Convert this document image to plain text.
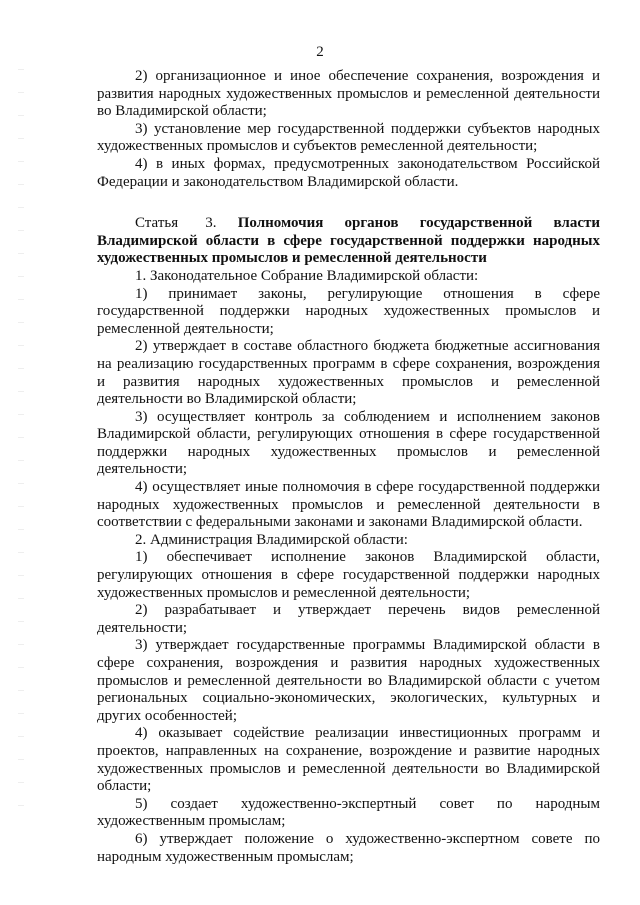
2

2) организационное и иное обеспечение сохранения, возрождения и развития народных художественных промыслов и ремесленной деятельности во Владимирской области;

3) установление мер государственной поддержки субъектов народных художественных промыслов и субъектов ремесленной деятельности;

4) в иных формах, предусмотренных законодательством Российской Федерации и законодательством Владимирской области.

Статья 3. Полномочия органов государственной власти Владимирской области в сфере государственной поддержки народных художественных промыслов и ремесленной деятельности

1. Законодательное Собрание Владимирской области:

1) принимает законы, регулирующие отношения в сфере государственной поддержки народных художественных промыслов и ремесленной деятельности;

2) утверждает в составе областного бюджета бюджетные ассигнования на реализацию государственных программ в сфере сохранения, возрождения и развития народных художественных промыслов и ремесленной деятельности во Владимирской области;

3) осуществляет контроль за соблюдением и исполнением законов Владимирской области, регулирующих отношения в сфере государственной поддержки народных художественных промыслов и ремесленной деятельности;

4) осуществляет иные полномочия в сфере государственной поддержки народных художественных промыслов и ремесленной деятельности в соответствии с федеральными законами и законами Владимирской области.

2. Администрация Владимирской области:

1) обеспечивает исполнение законов Владимирской области, регулирующих отношения в сфере государственной поддержки народных художественных промыслов и ремесленной деятельности;

2) разрабатывает и утверждает перечень видов ремесленной деятельности;

3) утверждает государственные программы Владимирской области в сфере сохранения, возрождения и развития народных художественных промыслов и ремесленной деятельности во Владимирской области с учетом региональных социально-экономических, экологических, культурных и других особенностей;

4) оказывает содействие реализации инвестиционных программ и проектов, направленных на сохранение, возрождение и развитие народных художественных промыслов и ремесленной деятельности во Владимирской области;

5) создает художественно-экспертный совет по народным художественным промыслам;

6) утверждает положение о художественно-экспертном совете по народным художественным промыслам;
